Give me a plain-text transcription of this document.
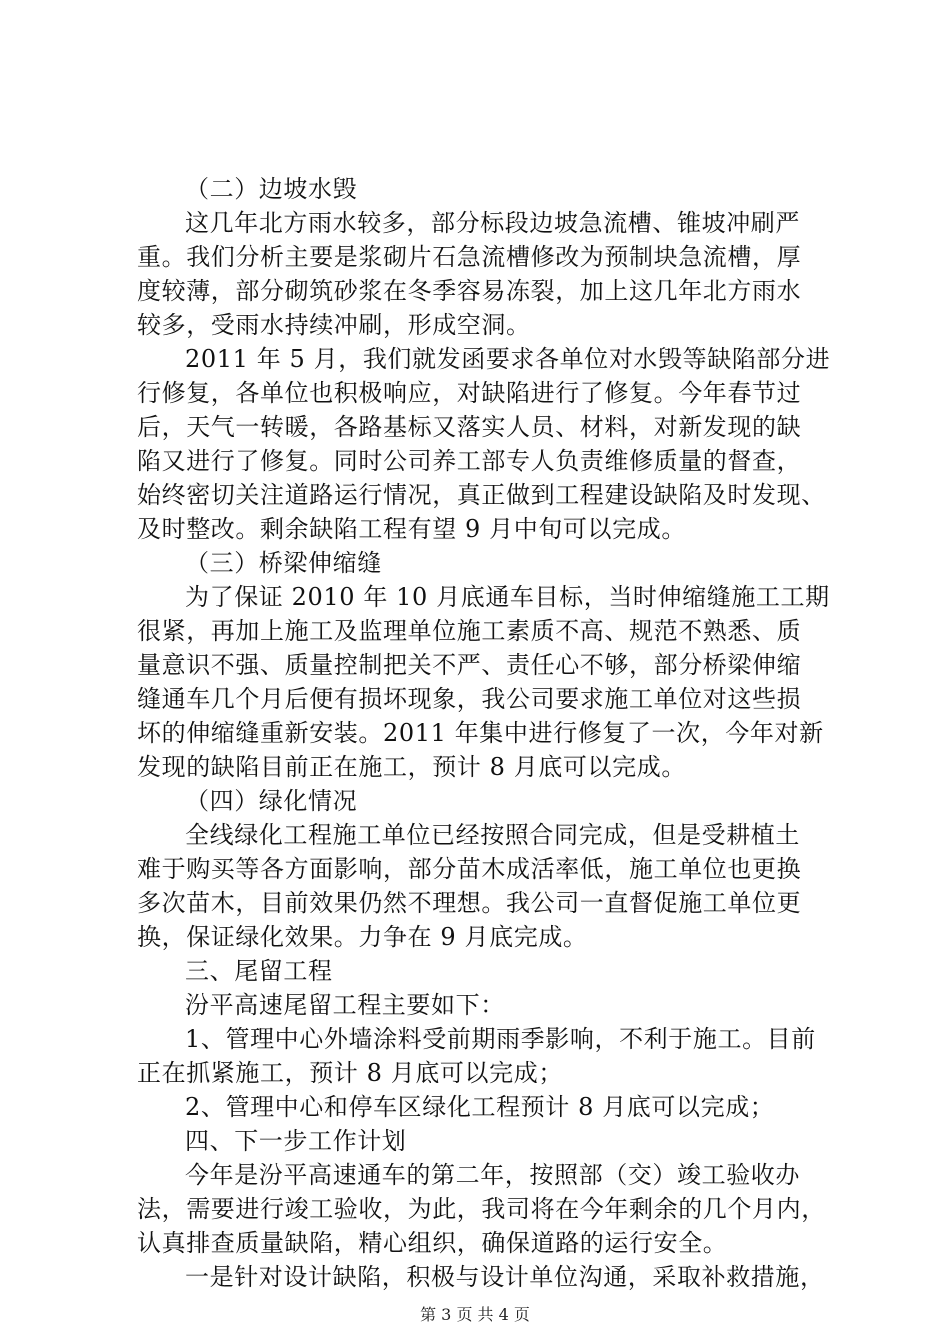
（二）边坡水毁
这几年北方雨水较多，部分标段边坡急流槽、锥坡冲刷严
重。我们分析主要是浆砌片石急流槽修改为预制块急流槽，厚
度较薄，部分砌筑砂浆在冬季容易冻裂，加上这几年北方雨水
较多，受雨水持续冲刷，形成空洞。
2011 年 5 月，我们就发函要求各单位对水毁等缺陷部分进
行修复，各单位也积极响应，对缺陷进行了修复。今年春节过
后，天气一转暖，各路基标又落实人员、材料，对新发现的缺
陷又进行了修复。同时公司养工部专人负责维修质量的督查，
始终密切关注道路运行情况，真正做到工程建设缺陷及时发现、
及时整改。剩余缺陷工程有望 9 月中旬可以完成。
（三）桥梁伸缩缝
为了保证 2010 年 10 月底通车目标，当时伸缩缝施工工期
很紧，再加上施工及监理单位施工素质不高、规范不熟悉、质
量意识不强、质量控制把关不严、责任心不够，部分桥梁伸缩
缝通车几个月后便有损坏现象，我公司要求施工单位对这些损
坏的伸缩缝重新安装。2011 年集中进行修复了一次，今年对新
发现的缺陷目前正在施工，预计 8 月底可以完成。
（四）绿化情况
全线绿化工程施工单位已经按照合同完成，但是受耕植土
难于购买等各方面影响，部分苗木成活率低，施工单位也更换
多次苗木，目前效果仍然不理想。我公司一直督促施工单位更
换，保证绿化效果。力争在 9 月底完成。
三、尾留工程
汾平高速尾留工程主要如下：
1、管理中心外墙涂料受前期雨季影响，不利于施工。目前
正在抓紧施工，预计 8 月底可以完成；
2、管理中心和停车区绿化工程预计 8 月底可以完成；
四、下一步工作计划
今年是汾平高速通车的第二年，按照部（交）竣工验收办
法，需要进行竣工验收，为此，我司将在今年剩余的几个月内，
认真排查质量缺陷，精心组织，确保道路的运行安全。
一是针对设计缺陷，积极与设计单位沟通，采取补救措施，
第 3 页 共 4 页
